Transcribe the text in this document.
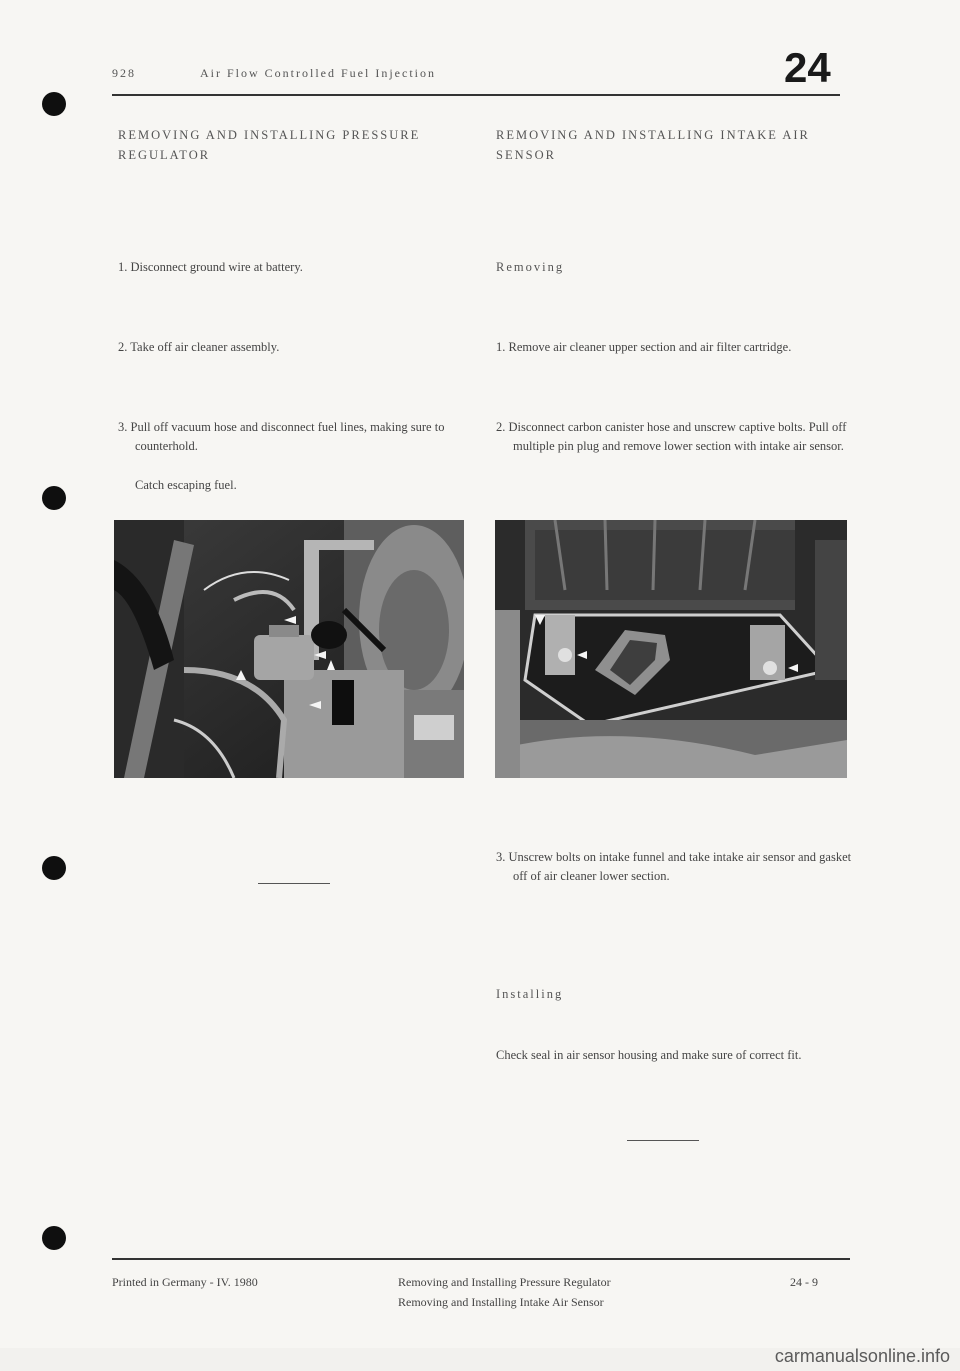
928	Air Flow Controlled Fuel Injection	24
REMOVING AND INSTALLING PRESSURE REGULATOR
1. Disconnect ground wire at battery.
2. Take off air cleaner assembly.
3. Pull off vacuum hose and disconnect fuel lines, making sure to counterhold.
Catch escaping fuel.
REMOVING AND INSTALLING INTAKE AIR SENSOR
Removing
1. Remove air cleaner upper section and air filter cartridge.
2. Disconnect carbon canister hose and unscrew captive bolts. Pull off multiple pin plug and remove lower section with intake air sensor.
3. Unscrew bolts on intake funnel and take intake air sensor and gasket off of air cleaner lower section.
Installing
Check seal in air sensor housing and make sure of correct fit.
Printed in Germany - IV. 1980	Removing and Installing Pressure Regulator
Removing and Installing Intake Air Sensor
24 - 9
carmanualsonline.info
